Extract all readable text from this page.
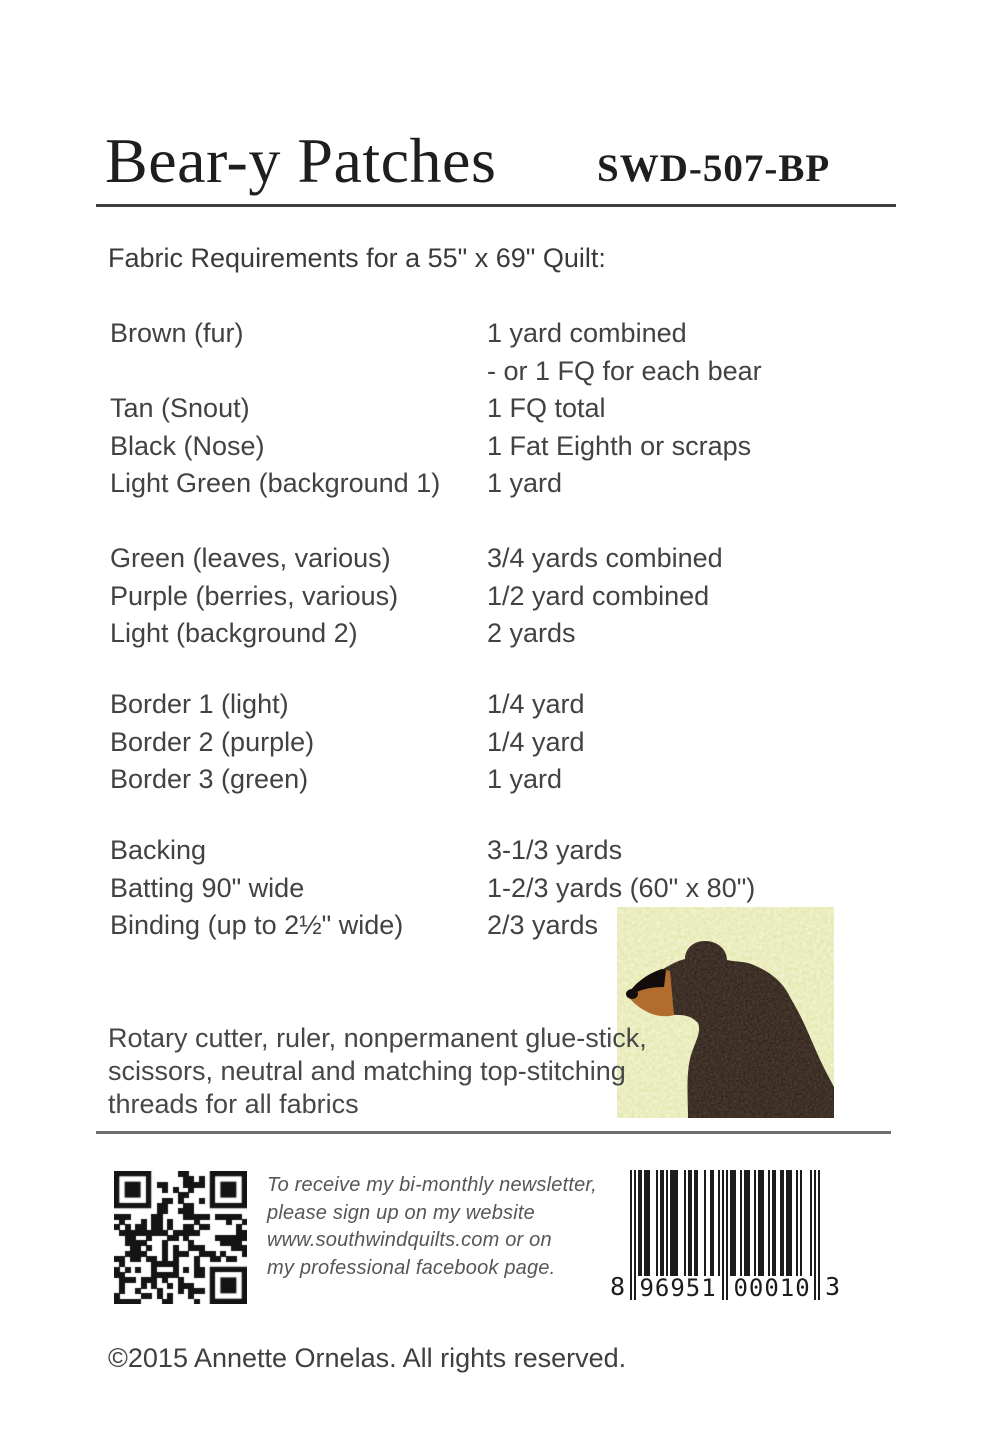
Bear-y Patches	SWD-507-BP
Fabric Requirements for a 55" x 69" Quilt:
Brown (fur)	1 yard combined
- or 1 FQ for each bear
Tan (Snout)	1 FQ total
Black (Nose)	1 Fat Eighth or scraps
Light Green (background 1)	1 yard
Green (leaves, various)	3/4 yards combined
Purple (berries, various)	1/2 yard combined
Light (background 2)	2 yards
Border 1 (light)	1/4 yard
Border 2 (purple)	1/4 yard
Border 3 (green)	1 yard
Backing	3-1/3 yards
Batting 90" wide	1-2/3 yards (60" x 80")
Binding (up to 2½" wide)	2/3 yards
Rotary cutter, ruler, nonpermanent glue-stick,
scissors, neutral and matching top-stitching
threads for all fabrics
To receive my bi-monthly newsletter,
please sign up on my website
www.southwindquilts.com or on
my professional facebook page.
8 96951 00010 3
©2015 Annette Ornelas. All rights reserved.
